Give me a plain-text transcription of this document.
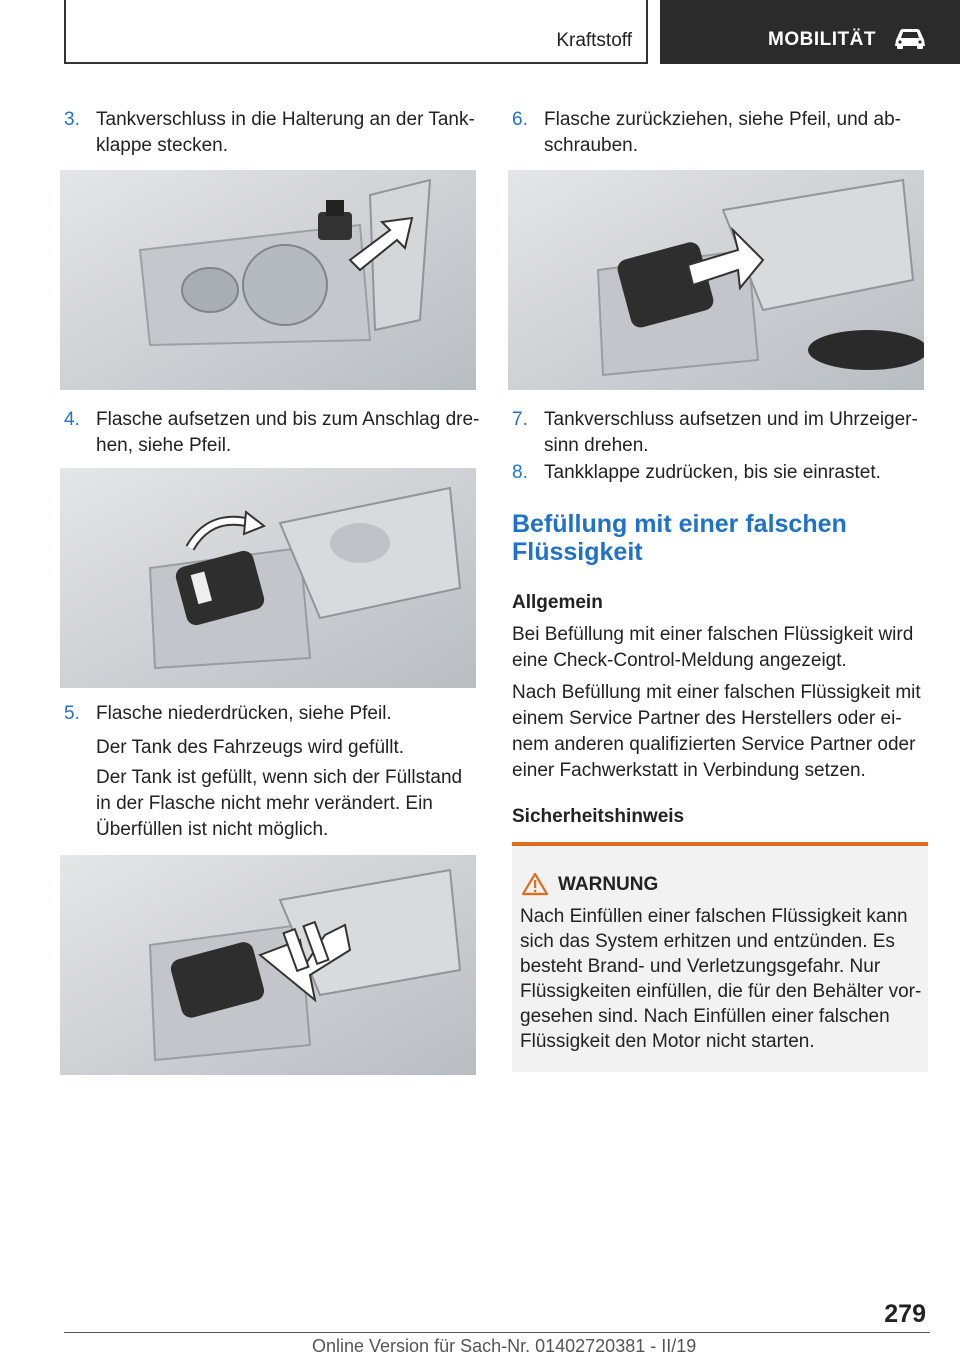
Kraftstoff	MOBILITÄT
3. Tankverschluss in die Halterung an der Tank-klappe stecken.
4. Flasche aufsetzen und bis zum Anschlag dre-hen, siehe Pfeil.
5. Flasche niederdrücken, siehe Pfeil.
Der Tank des Fahrzeugs wird gefüllt.
Der Tank ist gefüllt, wenn sich der Füllstand in der Flasche nicht mehr verändert. Ein Überfüllen ist nicht möglich.
6. Flasche zurückziehen, siehe Pfeil, und ab-schrauben.
7. Tankverschluss aufsetzen und im Uhrzeiger-sinn drehen.
8. Tankklappe zudrücken, bis sie einrastet.
Befüllung mit einer falschen Flüssigkeit
Allgemein
Bei Befüllung mit einer falschen Flüssigkeit wird eine Check-Control-Meldung angezeigt.
Nach Befüllung mit einer falschen Flüssigkeit mit einem Service Partner des Herstellers oder ei-nem anderen qualifizierten Service Partner oder einer Fachwerkstatt in Verbindung setzen.
Sicherheitshinweis
WARNUNG
Nach Einfüllen einer falschen Flüssigkeit kann sich das System erhitzen und entzünden. Es besteht Brand- und Verletzungsgefahr. Nur Flüssigkeiten einfüllen, die für den Behälter vor-gesehen sind. Nach Einfüllen einer falschen Flüssigkeit den Motor nicht starten.
279
Online Version für Sach-Nr. 01402720381 - II/19
